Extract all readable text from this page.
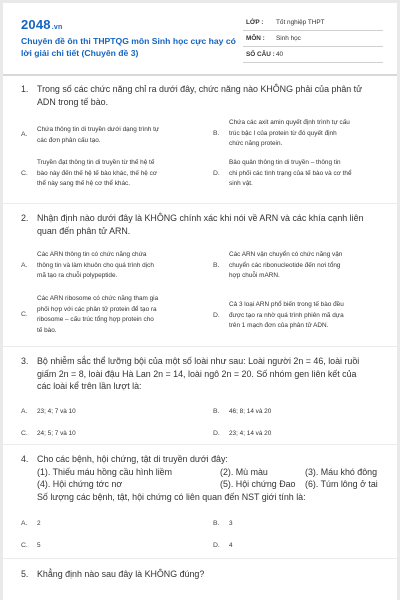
2048.vn
Chuyên đề ôn thi THPTQG môn Sinh học cực hay có lời giải chi tiết (Chuyên đề 3)
LỚP : Tốt nghiệp THPT
MÔN : Sinh học
SỐ CÂU : 40
1. Trong số các chức năng chỉ ra dưới đây, chức năng nào KHÔNG phải của phân tử
ADN trong tế bào.
A.
Chứa thông tin di truyền dưới dạng trình tự
các đơn phân cấu tạo.
B.
Chứa các axit amin quyết định trình tự cấu
trúc bậc I của protein từ đó quyết định
chức năng protein.
C.
Truyền đạt thông tin di truyền từ thế hệ tế
bào này đến thế hệ tế bào khác, thế hệ cơ
thể này sang thế hệ cơ thể khác.
D.
Bảo quản thông tin di truyền – thông tin
chi phối các tình trạng của tế bào và cơ thể
sinh vật.
2. Nhận định nào dưới đây là KHÔNG chính xác khi nói về ARN và các khía cạnh liên
quan đến phân tử ARN.
A.
Các ARN thông tin có chức năng chứa
thông tin và làm khuôn cho quá trình dịch
mã tạo ra chuỗi polypeptide.
B.
Các ARN vận chuyển có chức năng vận
chuyển các ribonucleotide đến nơi tổng
hợp chuỗi mARN.
C.
Các ARN ribosome có chức năng tham gia
phối hợp với các phân tử protein để tạo ra
ribosome – cấu trúc tổng hợp protein cho
tế bào.
D.
Cả 3 loại ARN phổ biến trong tế bào đều
được tạo ra nhờ quá trình phiên mã dựa
trên 1 mạch đơn của phân tử ADN.
3. Bộ nhiễm sắc thể lưỡng bội của một số loài như sau: Loài người 2n = 46, loài ruồi
giấm 2n = 8, loài đậu Hà Lan 2n = 14, loài ngô 2n = 20. Số nhóm gen liên kết của
các loài kể trên lần lượt là:
A. 23; 4; 7 và 10	B. 46; 8; 14 và 20
C. 24; 5; 7 và 10	D. 23; 4; 14 và 20
4. Cho các bệnh, hội chứng, tật di truyền dưới đây:
(1). Thiếu máu hồng cầu hình liềm	(2). Mù màu	(3). Máu khó đông
(4). Hội chứng tớc nơ	(5). Hội chứng Đao (6). Túm lông ở tai
Số lượng các bệnh, tật, hội chứng có liên quan đến NST giới tính là:
A. 2	B. 3
C. 5	D. 4
5. Khẳng định nào sau đây là KHÔNG đúng?
